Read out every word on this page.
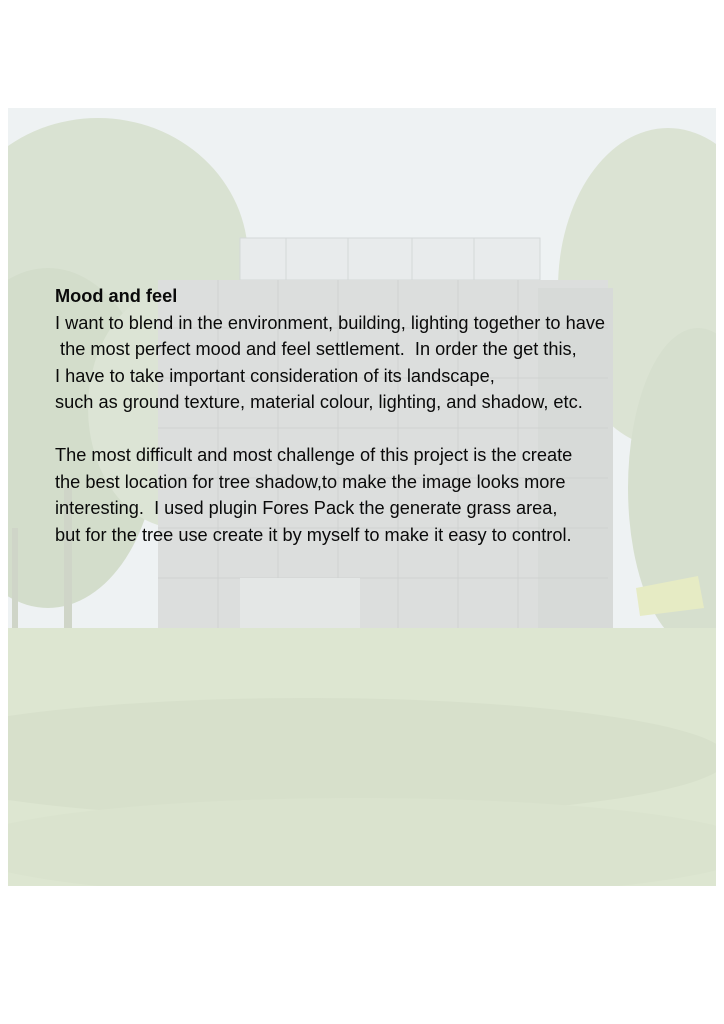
Mood and feel

I want to blend in the environment, building, lighting together to have
the most perfect mood and feel settlement.  In order the get this,
I have to take important consideration of its landscape,
such as ground texture, material colour, lighting, and shadow, etc.

The most difficult and most challenge of this project is the create
the best location for tree shadow,to make the image looks more
interesting.  I used plugin Fores Pack the generate grass area,
but for the tree use create it by myself to make it easy to control.
